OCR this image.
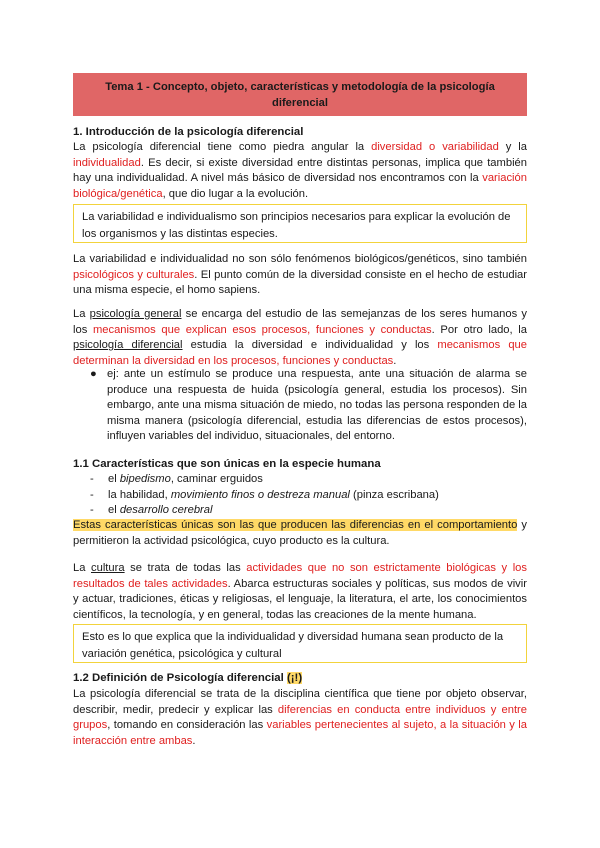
Tema 1 - Concepto, objeto, características y metodología de la psicología
diferencial
1. Introducción de la psicología diferencial
La psicología diferencial tiene como piedra angular la diversidad o variabilidad y la individualidad. Es decir, si existe diversidad entre distintas personas, implica que también hay una individualidad. A nivel más básico de diversidad nos encontramos con la variación biológica/genética, que dio lugar a la evolución.
La variabilidad e individualismo son principios necesarios para explicar la evolución de los organismos y las distintas especies.
La variabilidad e individualidad no son sólo fenómenos biológicos/genéticos, sino también psicológicos y culturales. El punto común de la diversidad consiste en el hecho de estudiar una misma especie, el homo sapiens.
La psicología general se encarga del estudio de las semejanzas de los seres humanos y los mecanismos que explican esos procesos, funciones y conductas. Por otro lado, la psicología diferencial estudia la diversidad e individualidad y los mecanismos que determinan la diversidad en los procesos, funciones y conductas.
● ej: ante un estímulo se produce una respuesta, ante una situación de alarma se produce una respuesta de huida (psicología general, estudia los procesos). Sin embargo, ante una misma situación de miedo, no todas las persona responden de la misma manera (psicología diferencial, estudia las diferencias de estos procesos), influyen variables del individuo, situacionales, del entorno.
1.1 Características que son únicas en la especie humana
- el bipedismo, caminar erguidos
- la habilidad, movimiento finos o destreza manual (pinza escribana)
- el desarrollo cerebral
Estas características únicas son las que producen las diferencias en el comportamiento y permitieron la actividad psicológica, cuyo producto es la cultura.
La cultura se trata de todas las actividades que no son estrictamente biológicas y los resultados de tales actividades. Abarca estructuras sociales y políticas, sus modos de vivir y actuar, tradiciones, éticas y religiosas, el lenguaje, la literatura, el arte, los conocimientos científicos, la tecnología, y en general, todas las creaciones de la mente humana.
Esto es lo que explica que la individualidad y diversidad humana sean producto de la variación genética, psicológica y cultural
1.2 Definición de Psicología diferencial (¡!)
La psicología diferencial se trata de la disciplina científica que tiene por objeto observar, describir, medir, predecir y explicar las diferencias en conducta entre individuos y entre grupos, tomando en consideración las variables pertenecientes al sujeto, a la situación y la interacción entre ambas.
